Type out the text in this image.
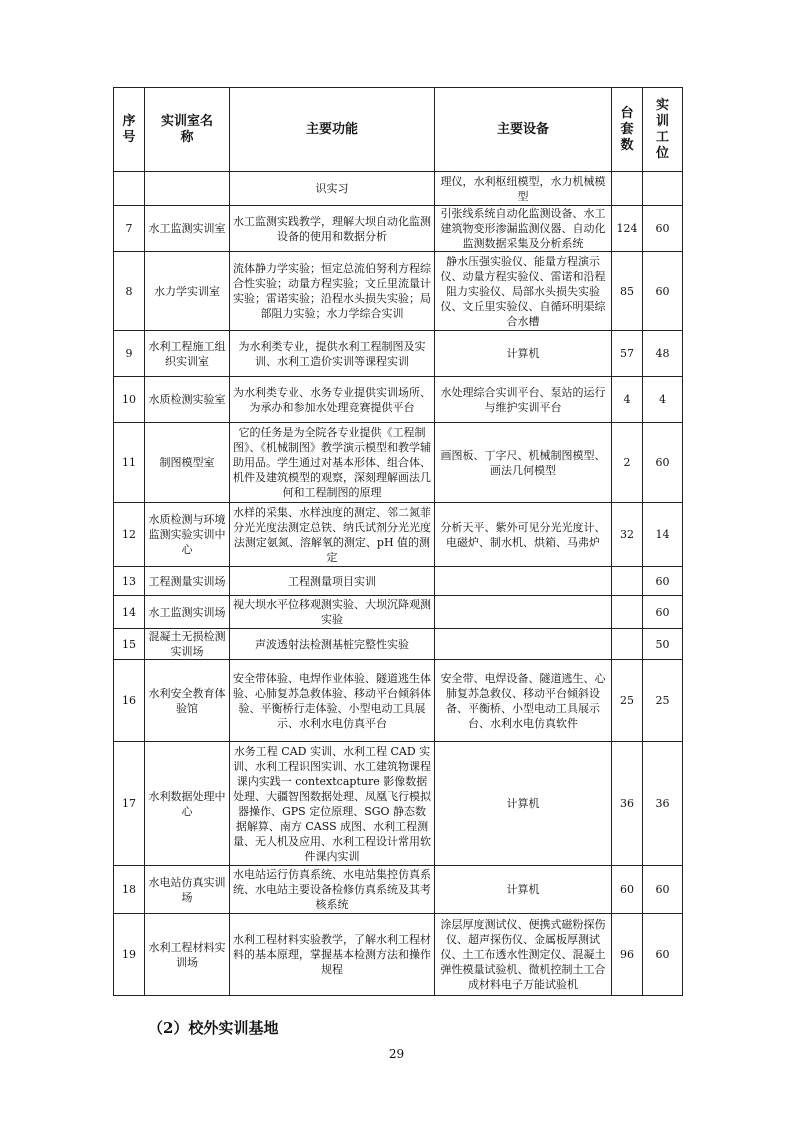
序号	实训室名称	主要功能	主要设备	台套数	实训工位

		识实习	理仪，水利枢纽模型，水力机械模型		
7	水工监测实训室	水工监测实践教学，理解大坝自动化监测设备的使用和数据分析	引张线系统自动化监测设备、水工建筑物变形渗漏监测仪器、自动化监测数据采集及分析系统	124	60
8	水力学实训室	流体静力学实验；恒定总流伯努利方程综合性实验；动量方程实验；文丘里流量计实验；雷诺实验；沿程水头损失实验；局部阻力实验；水力学综合实训	静水压强实验仪、能量方程演示仪、动量方程实验仪、雷诺和沿程阻力实验仪、局部水头损失实验仪、文丘里实验仪、自循环明渠综合水槽	85	60
9	水利工程施工组织实训室	为水利类专业，提供水利工程制图及实训、水利工造价实训等课程实训	计算机	57	48
10	水质检测实验室	为水利类专业、水务专业提供实训场所、为承办和参加水处理竞赛提供平台	水处理综合实训平台、泵站的运行与维护实训平台	4	4
11	制图模型室	它的任务是为全院各专业提供《工程制图》、《机械制图》教学演示模型和教学辅助用品。学生通过对基本形体、组合体、机件及建筑模型的观察，深刻理解画法几何和工程制图的原理	画图板、丁字尺、机械制图模型、画法几何模型	2	60
12	水质检测与环境监测实验实训中心	水样的采集、水样浊度的测定、邻二氮菲分光光度法测定总铁、纳氏试剂分光光度法测定氨氮、溶解氧的测定、pH 值的测定	分析天平、紫外可见分光光度计、电磁炉、制水机、烘箱、马弗炉	32	14
13	工程测量实训场	工程测量项目实训			60
14	水工监测实训场	视大坝水平位移观测实验、大坝沉降观测实验			60
15	混凝土无损检测实训场	声波透射法检测基桩完整性实验			50
16	水利安全教育体验馆	安全带体验、电焊作业体验、隧道逃生体验、心肺复苏急救体验、移动平台倾斜体验、平衡桥行走体验、小型电动工具展示、水利水电仿真平台	安全带、电焊设备、隧道逃生、心肺复苏急救仪、移动平台倾斜设备、平衡桥、小型电动工具展示台、水利水电仿真软件	25	25
17	水利数据处理中心	水务工程 CAD 实训、水利工程 CAD 实训、水利工程识图实训、水工建筑物课程课内实践一 contextcapture 影像数据处理、大疆智图数据处理、凤凰飞行模拟器操作、GPS 定位原理、SGO 静态数据解算、南方 CASS 成图、水利工程测量、无人机及应用、水利工程设计常用软件课内实训	计算机	36	36
18	水电站仿真实训场	水电站运行仿真系统、水电站集控仿真系统、水电站主要设备检修仿真系统及其考核系统	计算机	60	60
19	水利工程材料实训场	水利工程材料实验教学，了解水利工程材料的基本原理，掌握基本检测方法和操作规程	涂层厚度测试仪、便携式磁粉探伤仪、超声探伤仪、金属板厚测试仪、土工布透水性测定仪、混凝土弹性模量试验机、微机控制土工合成材料电子万能试验机	96	60
（2）校外实训基地
29
